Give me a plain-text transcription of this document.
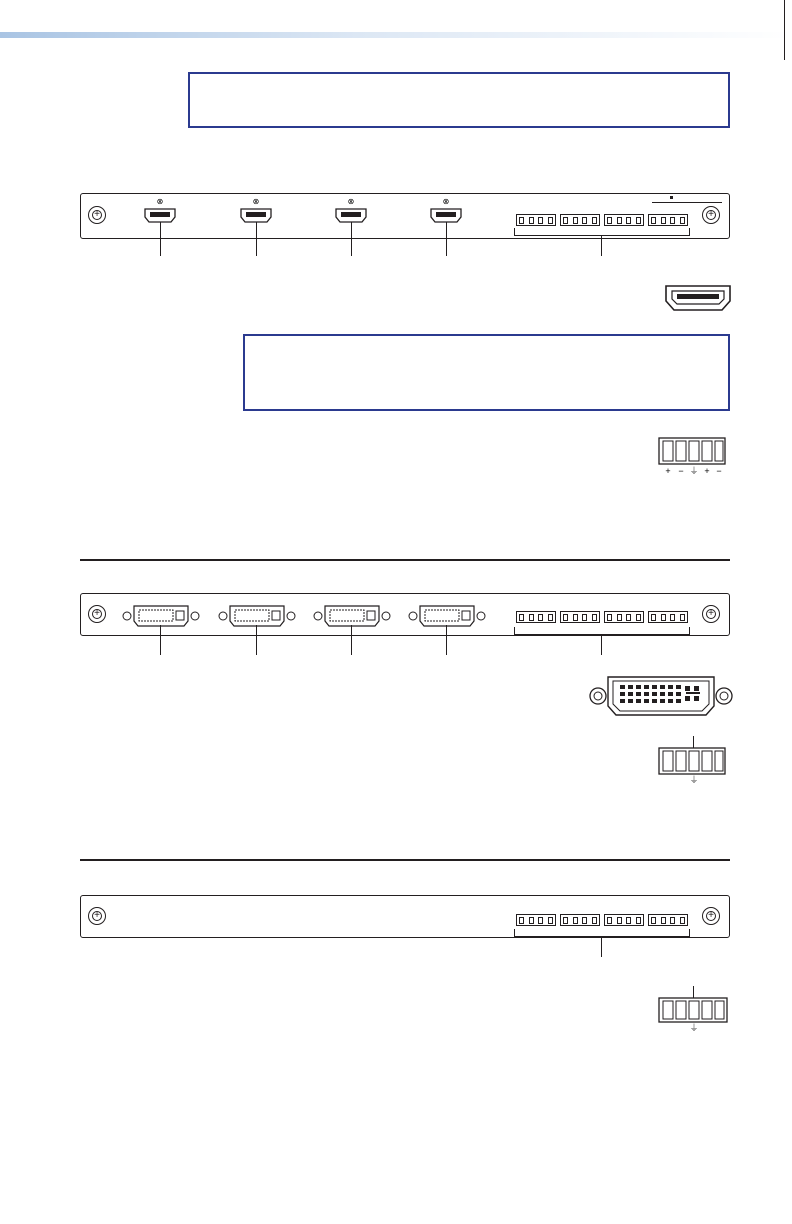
+
+
⊗	⊗	⊗	⊗
+ − ⏚ + −
+
+
⏚
+
+
⏚
